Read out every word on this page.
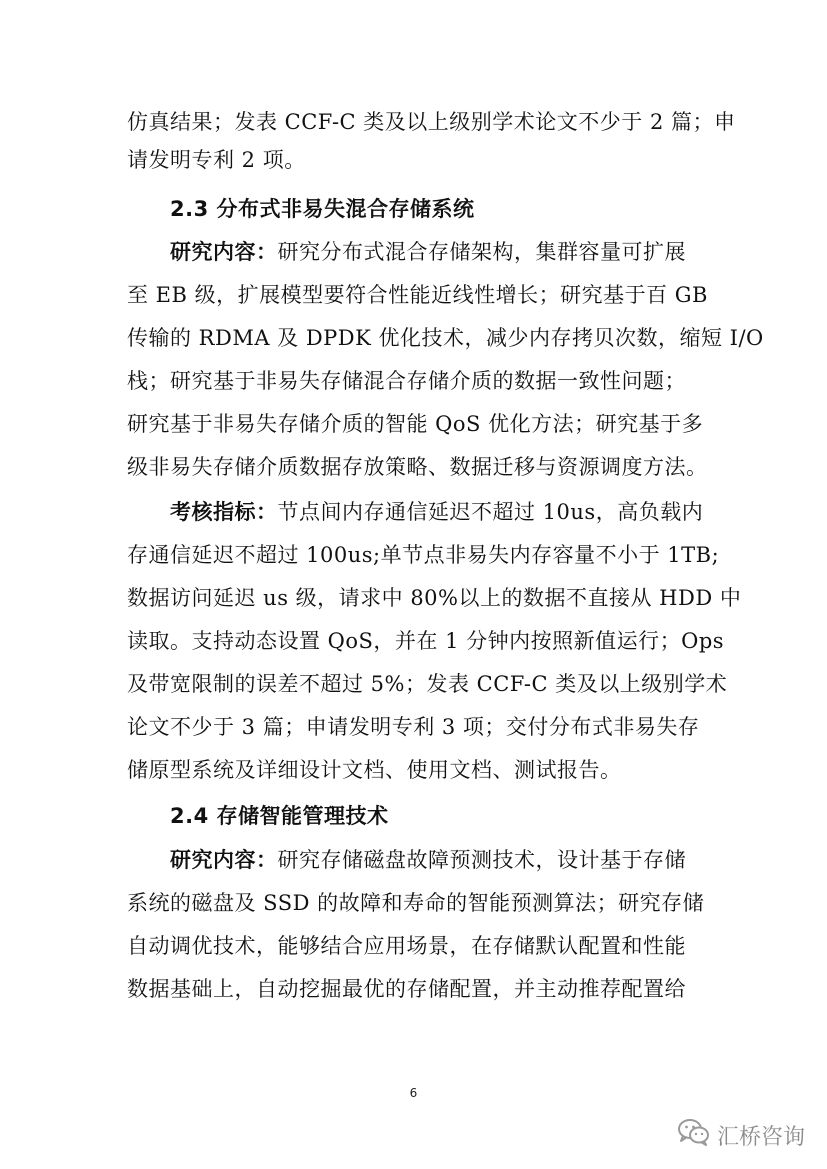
仿真结果；发表 CCF-C 类及以上级别学术论文不少于 2 篇；申
请发明专利 2 项。
2.3 分布式非易失混合存储系统
研究内容：研究分布式混合存储架构，集群容量可扩展
至 EB 级，扩展模型要符合性能近线性增长；研究基于百 GB
传输的 RDMA 及 DPDK 优化技术，减少内存拷贝次数，缩短 I/O
栈；研究基于非易失存储混合存储介质的数据一致性问题；
研究基于非易失存储介质的智能 QoS 优化方法；研究基于多
级非易失存储介质数据存放策略、数据迁移与资源调度方法。
考核指标：节点间内存通信延迟不超过 10us，高负载内
存通信延迟不超过 100us;单节点非易失内存容量不小于 1TB;
数据访问延迟 us 级，请求中 80%以上的数据不直接从 HDD 中
读取。支持动态设置 QoS，并在 1 分钟内按照新值运行；Ops
及带宽限制的误差不超过 5%；发表 CCF-C 类及以上级别学术
论文不少于 3 篇；申请发明专利 3 项；交付分布式非易失存
储原型系统及详细设计文档、使用文档、测试报告。
2.4 存储智能管理技术
研究内容：研究存储磁盘故障预测技术，设计基于存储
系统的磁盘及 SSD 的故障和寿命的智能预测算法；研究存储
自动调优技术，能够结合应用场景，在存储默认配置和性能
数据基础上，自动挖掘最优的存储配置，并主动推荐配置给
6
汇桥咨询
